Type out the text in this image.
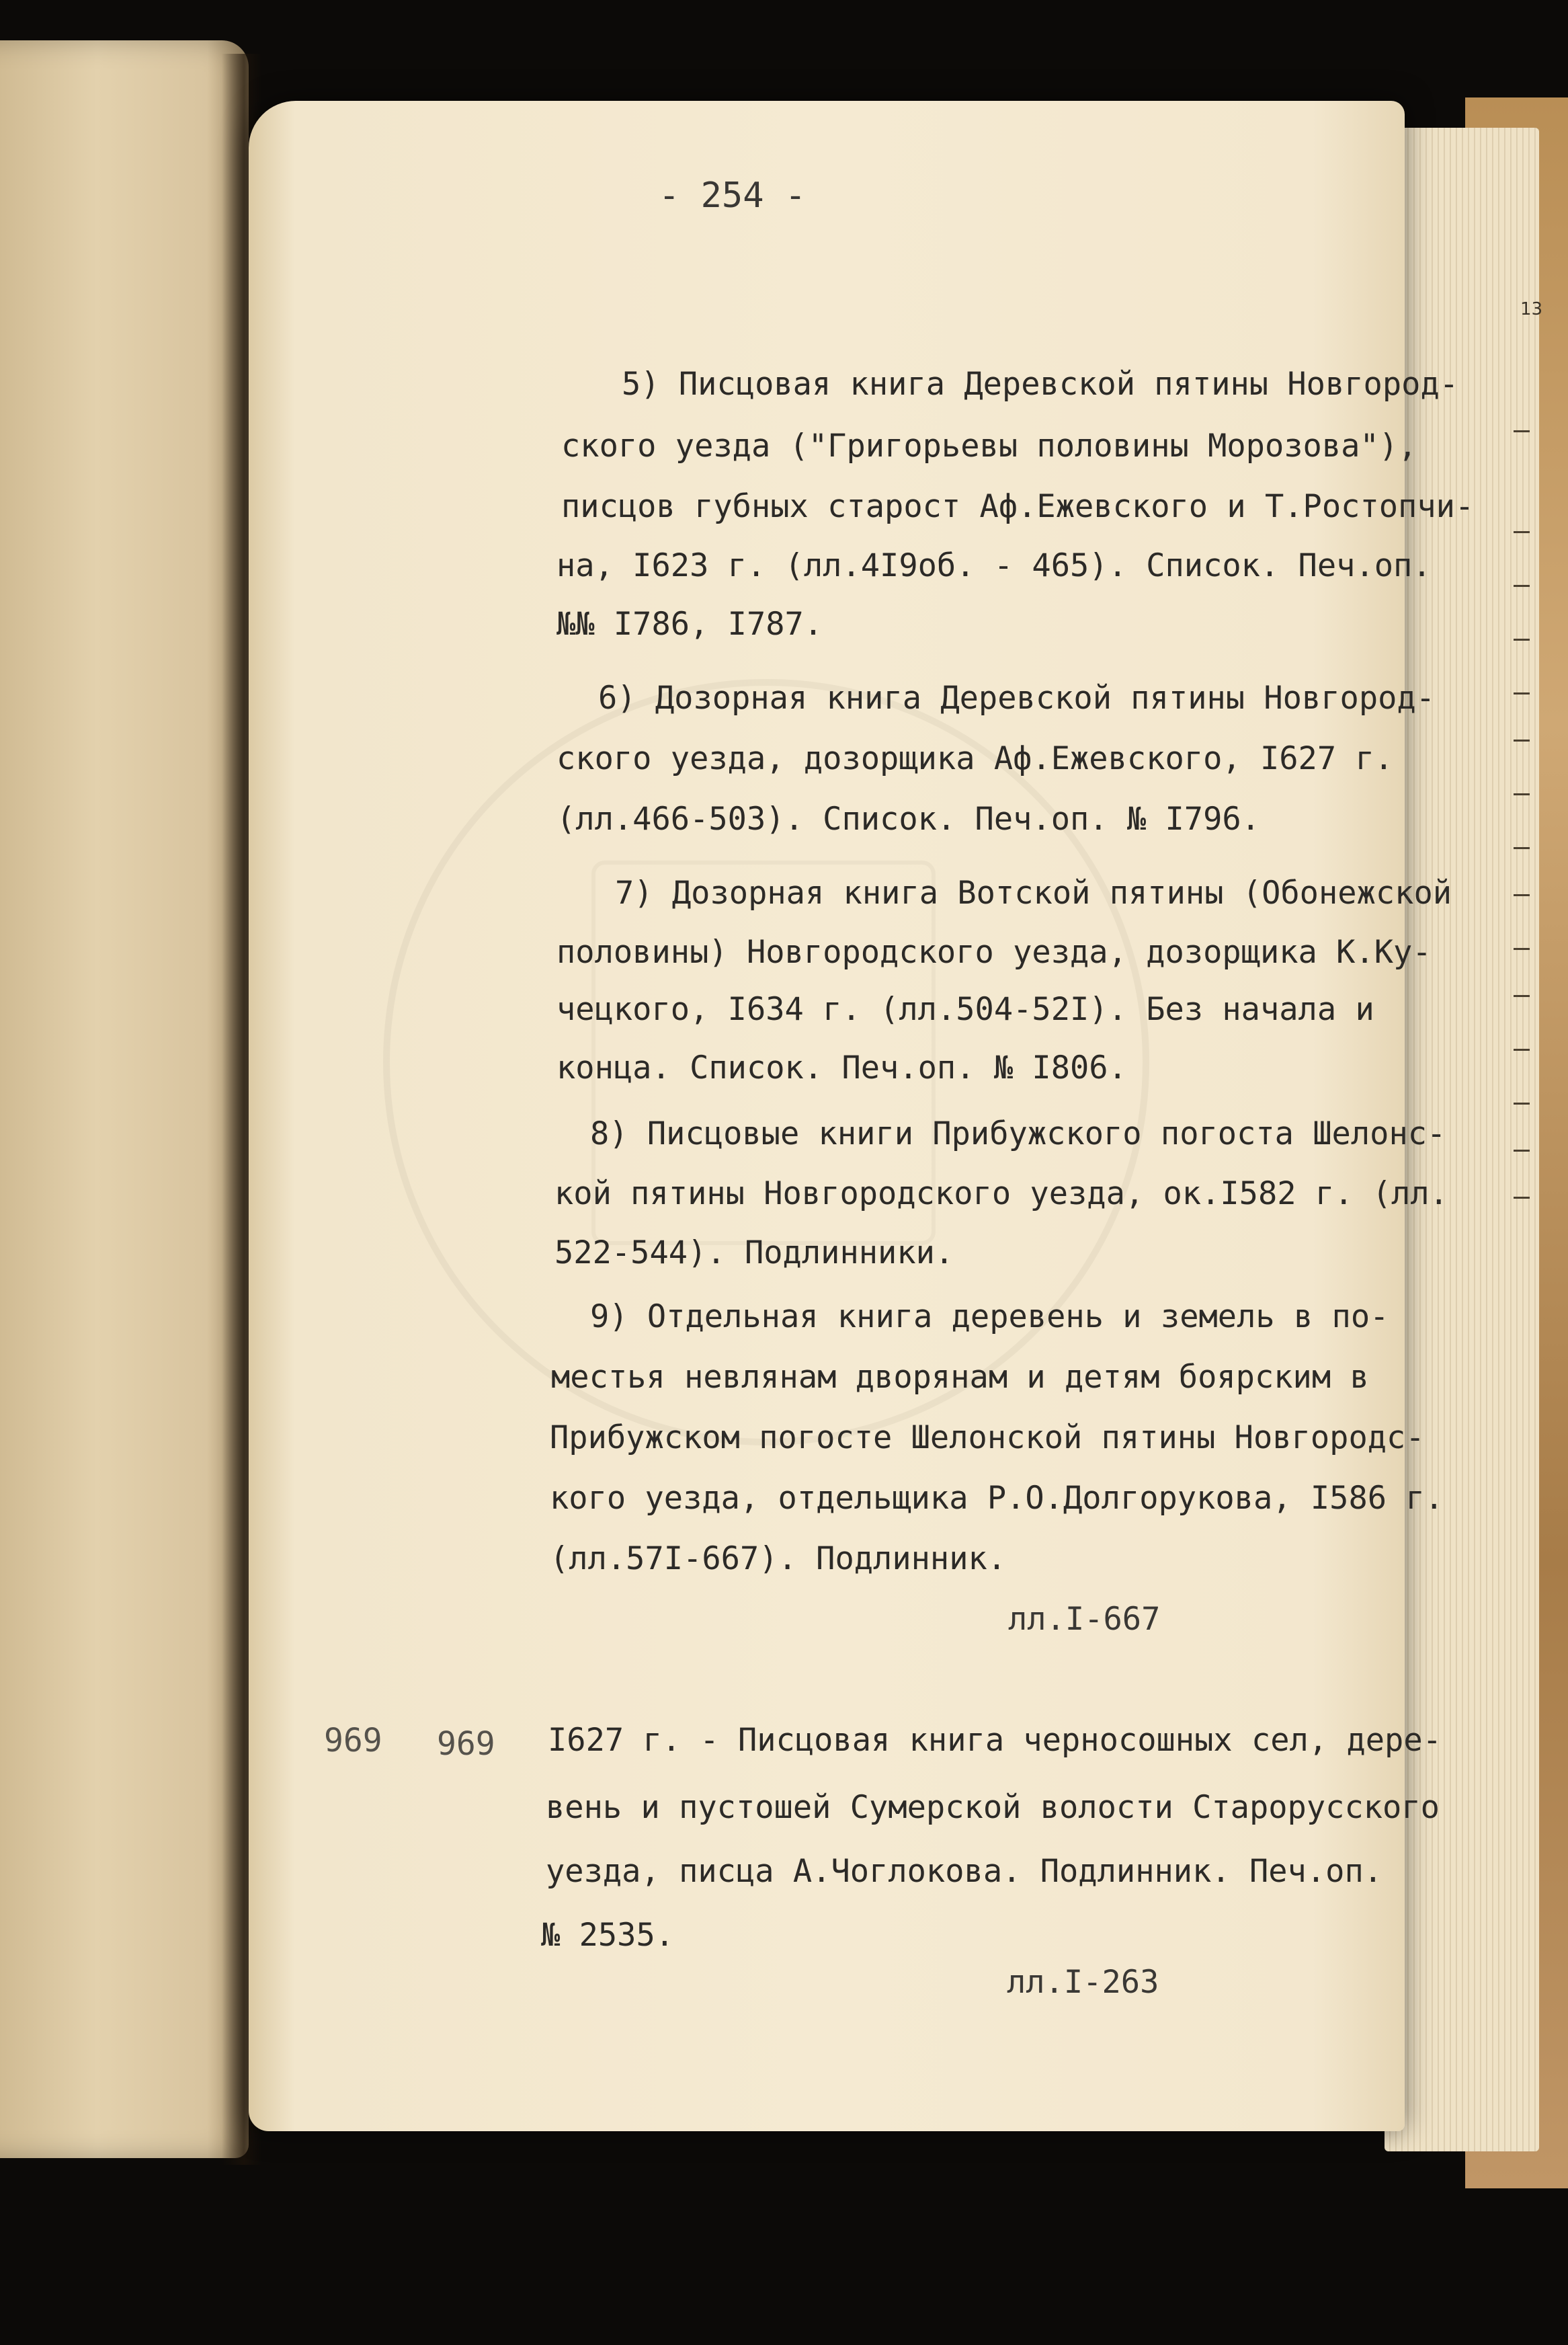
13
- 254 -
5) Писцовая книга Деревской пятины Новгород-
ского уезда ("Григорьевы половины Морозова"),
писцов губных старост Аф.Ежевского и Т.Ростопчи-
на, I623 г. (лл.4I9об. - 465). Список. Печ.оп.
№№ I786, I787.
6) Дозорная книга Деревской пятины Новгород-
ского уезда, дозорщика Аф.Ежевского, I627 г.
(лл.466-503). Список. Печ.оп. № I796.
7) Дозорная книга Вотской пятины (Обонежской
половины) Новгородского уезда, дозорщика К.Ку-
чецкого, I634 г. (лл.504-52I). Без начала и
конца. Список. Печ.оп. № I806.
8) Писцовые книги Прибужского погоста Шелонс-
кой пятины Новгородского уезда, ок.I582 г. (лл.
522-544). Подлинники.
9) Отдельная книга деревень и земель в по-
местья невлянам дворянам и детям боярским в
Прибужском погосте Шелонской пятины Новгородс-
кого уезда, отдельщика Р.О.Долгорукова, I586 г.
(лл.57I-667). Подлинник.
лл.I-667
969 969 I627 г. - Писцовая книга черносошных сел, дере-
вень и пустошей Сумерской волости Старорусского
уезда, писца А.Чоглокова. Подлинник. Печ.оп.
№ 2535.
лл.I-263
